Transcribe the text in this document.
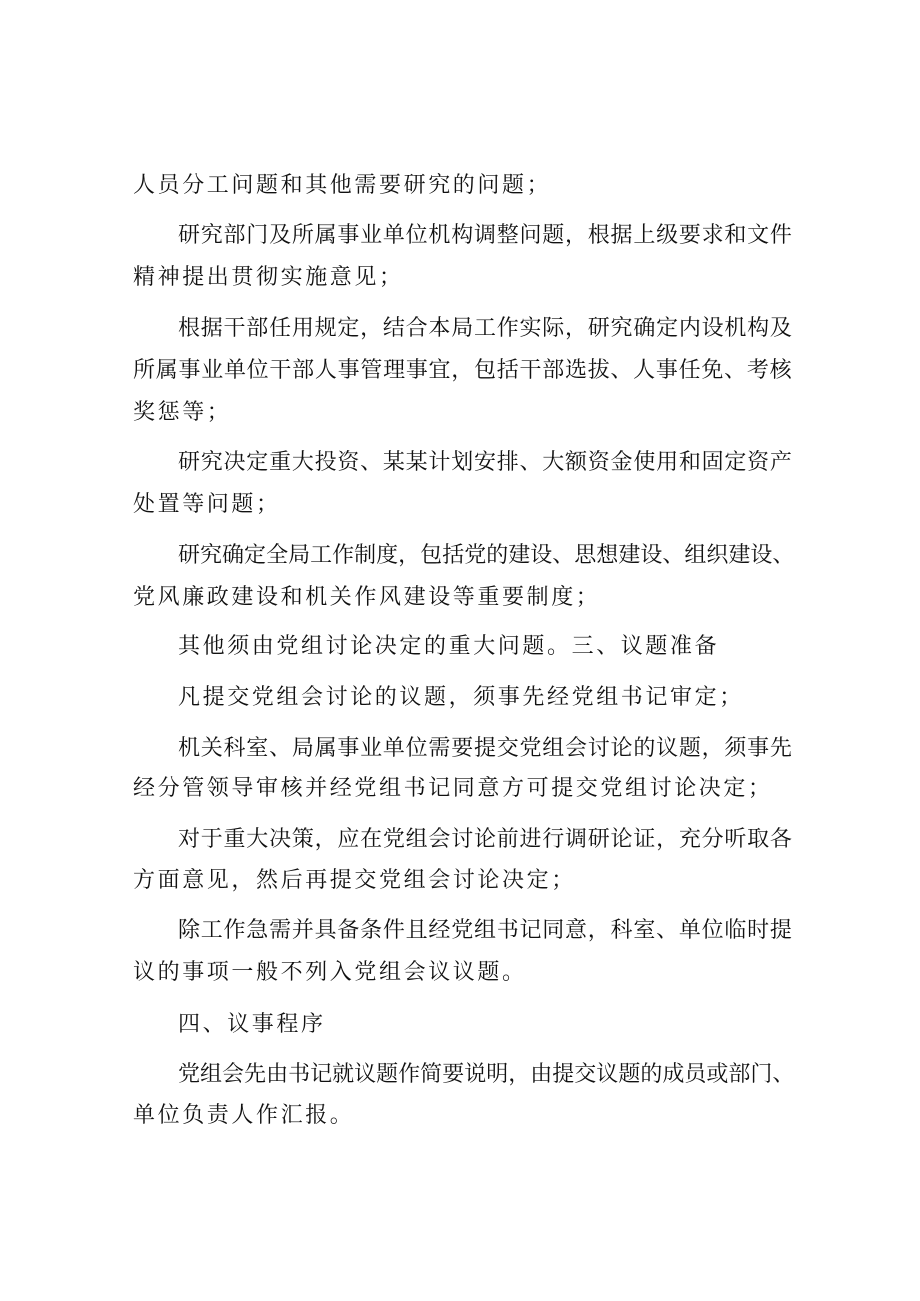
人员分工问题和其他需要研究的问题；
研 究 部 门 及 所 属 事 业 单 位 机 构 调 整 问 题 ， 根 据 上 级 要 求 和 文 件
精神提出贯彻实施意见；
根 据 干 部 任 用 规 定 ， 结 合 本 局 工 作 实 际 ， 研 究 确 定 内 设 机 构 及
所 属 事 业 单 位 干 部 人 事 管 理 事 宜 ， 包 括 干 部 选 拔 、 人 事 任 免 、 考 核
奖惩等；
研 究 决 定 重 大 投 资 、 某 某 计 划 安 排 、 大 额 资 金 使 用 和 固 定 资 产
处置等问题；
研 究 确 定 全 局 工 作 制 度 ， 包 括 党 的 建 设 、 思 想 建 设 、 组 织 建 设 、
党风廉政建设和机关作风建设等重要制度；
其他须由党组讨论决定的重大问题。三、议题准备
凡提交党组会讨论的议题，须事先经党组书记审定；
机 关 科 室 、 局 属 事 业 单 位 需 要 提 交 党 组 会 讨 论 的 议 题 ， 须 事 先
经分管领导审核并经党组书记同意方可提交党组讨论决定；
对 于 重 大 决 策 ， 应 在 党 组 会 讨 论 前 进 行 调 研 论 证 ， 充 分 听 取 各
方面意见，然后再提交党组会讨论决定；
除 工 作 急 需 并 具 备 条 件 且 经 党 组 书 记 同 意 ， 科 室 、 单 位 临 时 提
议的事项一般不列入党组会议议题。
四、议事程序
党 组 会 先 由 书 记 就 议 题 作 简 要 说 明 ， 由 提 交 议 题 的 成 员 或 部 门 、
单位负责人作汇报。
